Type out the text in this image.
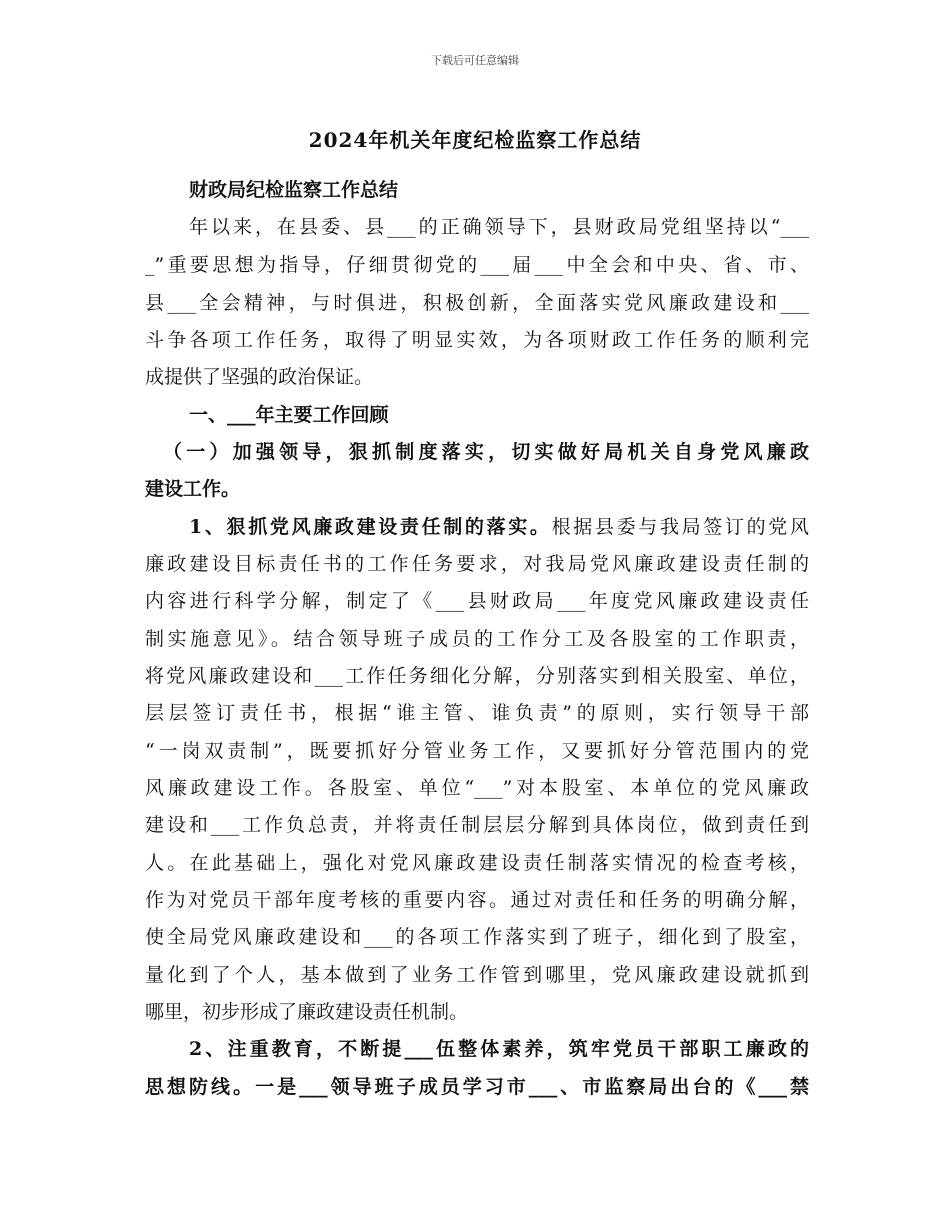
下载后可任意编辑
2024年机关年度纪检监察工作总结
财政局纪检监察工作总结
年以来，在县委、县___的正确领导下，县财政局党组坚持以“___
_”重要思想为指导，仔细贯彻党的___届___中全会和中央、省、市、
县___全会精神，与时俱进，积极创新，全面落实党风廉政建设和___
斗争各项工作任务，取得了明显实效，为各项财政工作任务的顺利完
成提供了坚强的政治保证。
一、___年主要工作回顾
（一）加强领导，狠抓制度落实，切实做好局机关自身党风廉政
建设工作。
1、狠抓党风廉政建设责任制的落实。根据县委与我局签订的党风
廉政建设目标责任书的工作任务要求，对我局党风廉政建设责任制的
内容进行科学分解，制定了《___县财政局___年度党风廉政建设责任
制实施意见》。结合领导班子成员的工作分工及各股室的工作职责，
将党风廉政建设和___工作任务细化分解，分别落实到相关股室、单位，
层层签订责任书，根据“谁主管、谁负责”的原则，实行领导干部
“一岗双责制”，既要抓好分管业务工作，又要抓好分管范围内的党
风廉政建设工作。各股室、单位“___”对本股室、本单位的党风廉政
建设和___工作负总责，并将责任制层层分解到具体岗位，做到责任到
人。在此基础上，强化对党风廉政建设责任制落实情况的检查考核，
作为对党员干部年度考核的重要内容。通过对责任和任务的明确分解，
使全局党风廉政建设和___的各项工作落实到了班子，细化到了股室，
量化到了个人，基本做到了业务工作管到哪里，党风廉政建设就抓到
哪里，初步形成了廉政建设责任机制。
2、注重教育，不断提___伍整体素养，筑牢党员干部职工廉政的
思想防线。一是___领导班子成员学习市___、市监察局出台的《___禁
